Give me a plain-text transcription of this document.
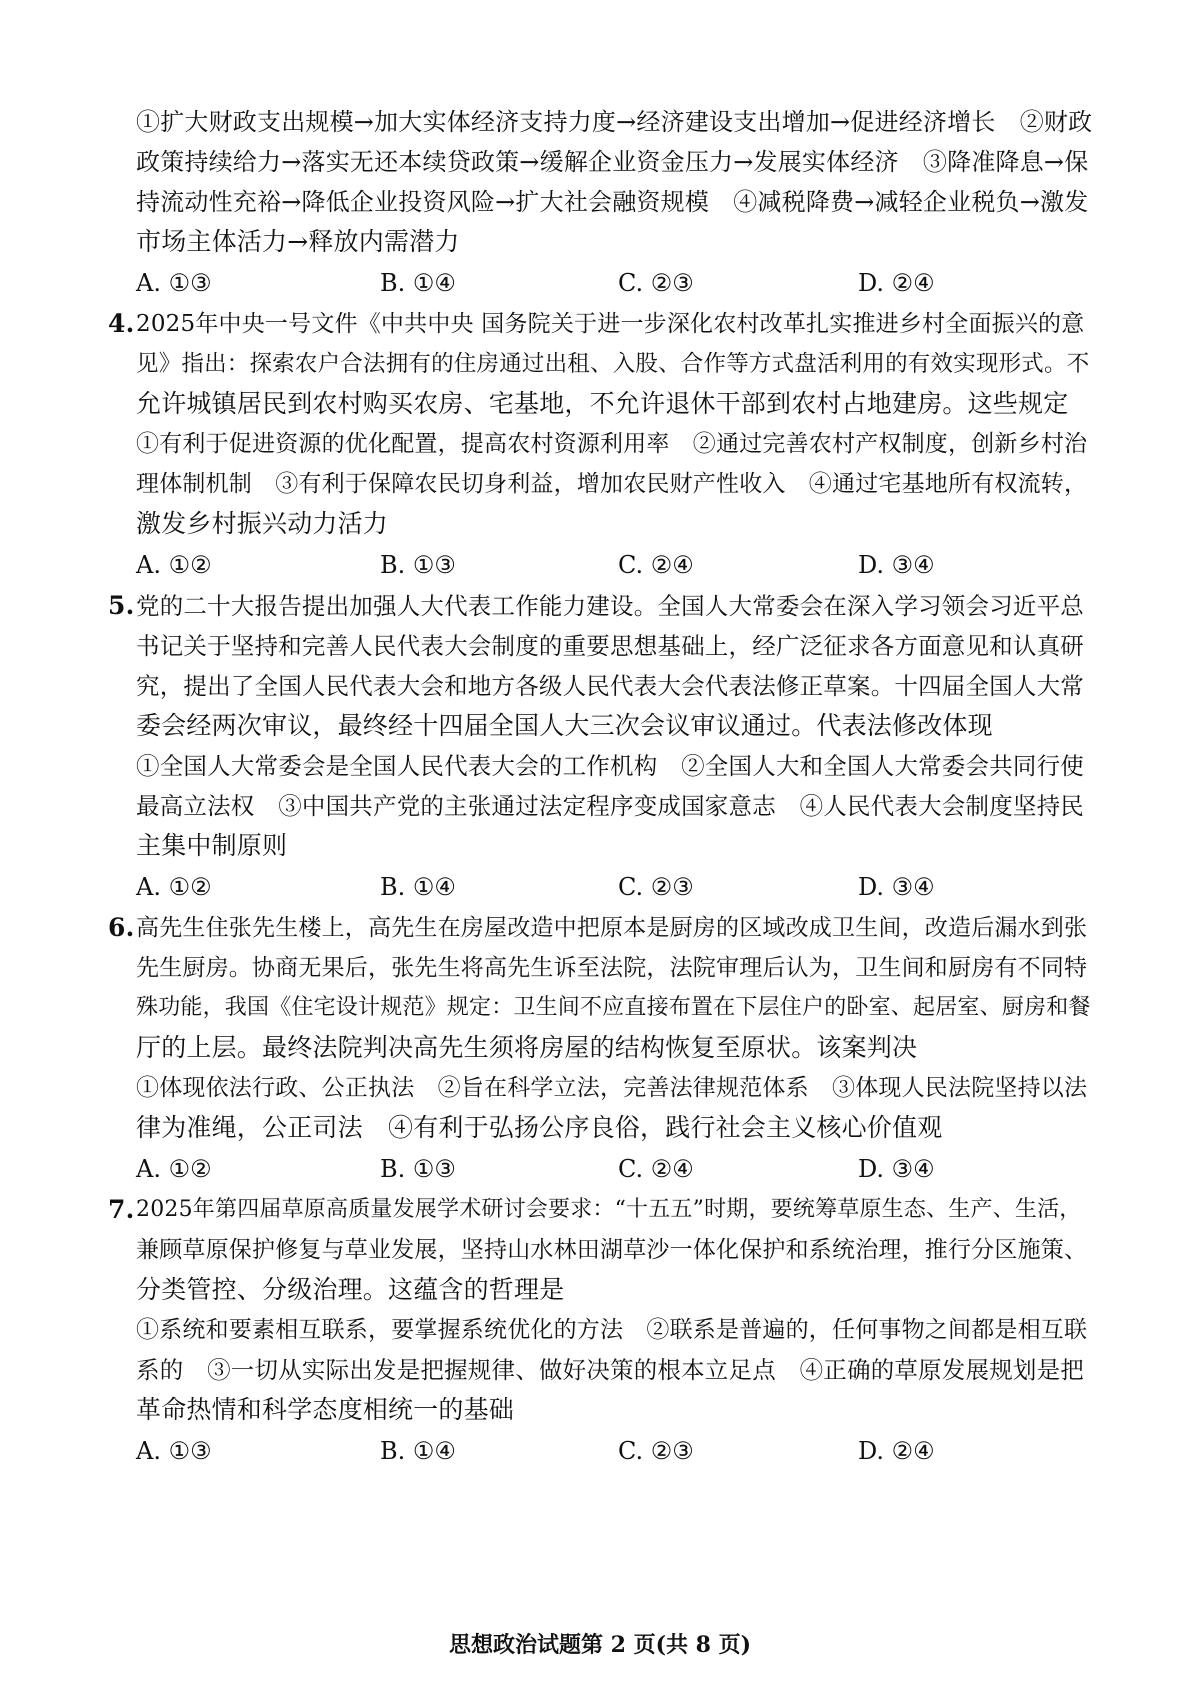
①扩大财政支出规模→加大实体经济支持力度→经济建设支出增加→促进经济增长　②财政
政策持续给力→落实无还本续贷政策→缓解企业资金压力→发展实体经济　③降准降息→保
持流动性充裕→降低企业投资风险→扩大社会融资规模　④减税降费→减轻企业税负→激发
市场主体活力→释放内需潜力
A. ①③	B. ①④	C. ②③	D. ②④
4. 2025年中央一号文件《中共中央 国务院关于进一步深化农村改革扎实推进乡村全面振兴的意
见》指出：探索农户合法拥有的住房通过出租、入股、合作等方式盘活利用的有效实现形式。不
允许城镇居民到农村购买农房、宅基地，不允许退休干部到农村占地建房。这些规定
①有利于促进资源的优化配置，提高农村资源利用率　②通过完善农村产权制度，创新乡村治
理体制机制　③有利于保障农民切身利益，增加农民财产性收入　④通过宅基地所有权流转，
激发乡村振兴动力活力
A. ①②	B. ①③	C. ②④	D. ③④
5. 党的二十大报告提出加强人大代表工作能力建设。全国人大常委会在深入学习领会习近平总
书记关于坚持和完善人民代表大会制度的重要思想基础上，经广泛征求各方面意见和认真研
究，提出了全国人民代表大会和地方各级人民代表大会代表法修正草案。十四届全国人大常
委会经两次审议，最终经十四届全国人大三次会议审议通过。代表法修改体现
①全国人大常委会是全国人民代表大会的工作机构　②全国人大和全国人大常委会共同行使
最高立法权　③中国共产党的主张通过法定程序变成国家意志　④人民代表大会制度坚持民
主集中制原则
A. ①②	B. ①④	C. ②③	D. ③④
6. 高先生住张先生楼上，高先生在房屋改造中把原本是厨房的区域改成卫生间，改造后漏水到张
先生厨房。协商无果后，张先生将高先生诉至法院，法院审理后认为，卫生间和厨房有不同特
殊功能，我国《住宅设计规范》规定：卫生间不应直接布置在下层住户的卧室、起居室、厨房和餐
厅的上层。最终法院判决高先生须将房屋的结构恢复至原状。该案判决
①体现依法行政、公正执法　②旨在科学立法，完善法律规范体系　③体现人民法院坚持以法
律为准绳，公正司法　④有利于弘扬公序良俗，践行社会主义核心价值观
A. ①②	B. ①③	C. ②④	D. ③④
7. 2025年第四届草原高质量发展学术研讨会要求：“十五五”时期，要统筹草原生态、生产、生活，
兼顾草原保护修复与草业发展，坚持山水林田湖草沙一体化保护和系统治理，推行分区施策、
分类管控、分级治理。这蕴含的哲理是
①系统和要素相互联系，要掌握系统优化的方法　②联系是普遍的，任何事物之间都是相互联
系的　③一切从实际出发是把握规律、做好决策的根本立足点　④正确的草原发展规划是把
革命热情和科学态度相统一的基础
A. ①③	B. ①④	C. ②③	D. ②④
思想政治试题第 2 页(共 8 页)
